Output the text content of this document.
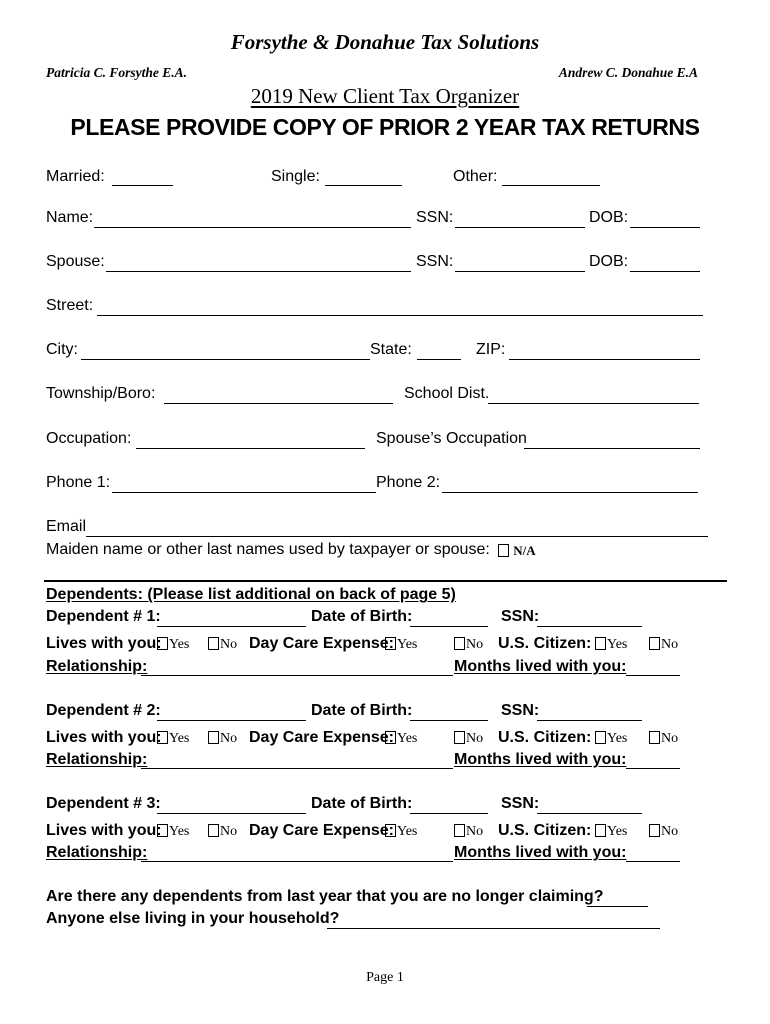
Forsythe & Donahue Tax Solutions
Patricia C. Forsythe E.A.	Andrew C. Donahue E.A
2019 New Client Tax Organizer
PLEASE PROVIDE COPY OF PRIOR 2 YEAR TAX RETURNS
Married:	Single:	Other:
Name:	SSN:	DOB:
Spouse:	SSN:	DOB:
Street:
City:	State:	ZIP:
Township/Boro:	School Dist.
Occupation:	Spouse’s Occupation
Phone 1:	Phone 2:
Email
Maiden name or other last names used by taxpayer or spouse:	N/A
Dependents: (Please list additional on back of page 5)
Dependent # 1:	Date of Birth:	SSN:
Lives with you: Yes	No Day Care Expense: Yes	No U.S. Citizen:	Yes	No
Relationship:	Months lived with you:
Dependent # 2:	Date of Birth:	SSN:
Lives with you: Yes	No Day Care Expense: Yes	No U.S. Citizen:	Yes	No
Relationship:	Months lived with you:
Dependent # 3:	Date of Birth:	SSN:
Lives with you: Yes	No Day Care Expense: Yes	No U.S. Citizen:	Yes	No
Relationship:	Months lived with you:
Are there any dependents from last year that you are no longer claiming?
Anyone else living in your household?
Page 1
